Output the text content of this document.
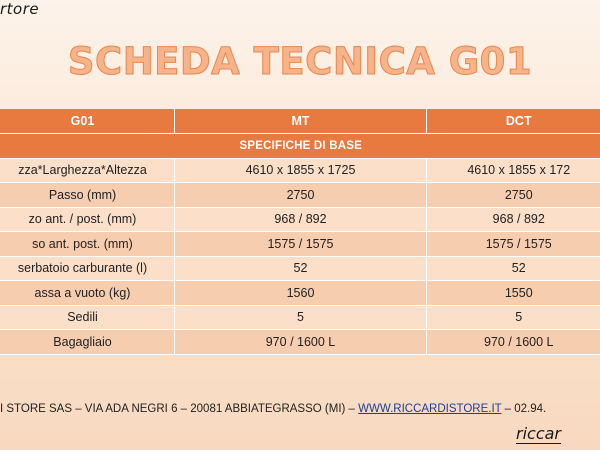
rtore
SCHEDA TECNICA G01
G01	MT	DCT
SPECIFICHE DI BASE		
zza*Larghezza*Altezza	4610 x 1855 x 1725	4610 x 1855 x 172
Passo (mm)	2750	2750
zo ant. / post. (mm)	968 / 892	968 / 892
so ant. post. (mm)	1575 / 1575	1575 / 1575
serbatoio carburante (l)	52	52
assa a vuoto (kg)	1560	1550
Sedili	5	5
Bagagliaio	970 / 1600 L	970 / 1600 L
I STORE SAS – VIA ADA NEGRI 6 – 20081 ABBIATEGRASSO (MI) – WWW.RICCARDISTORE.IT – 02.94.
riccar
